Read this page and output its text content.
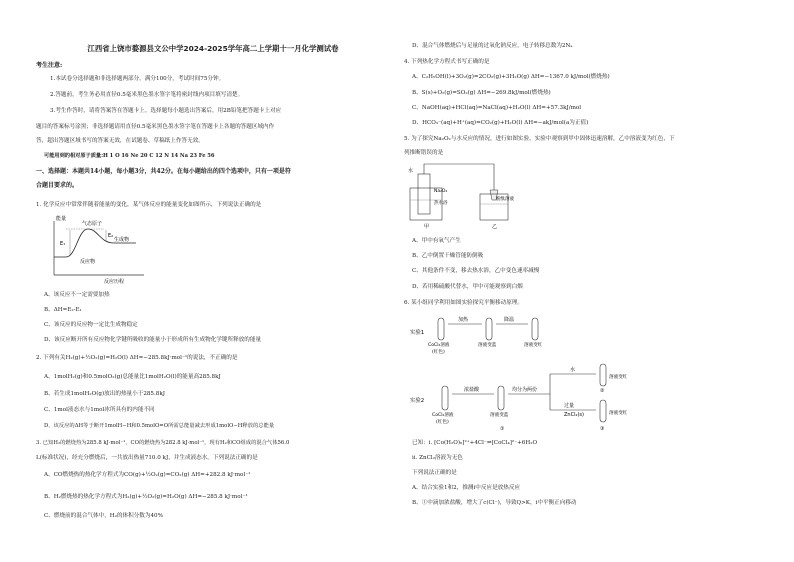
江西省上饶市婺源县文公中学2024-2025学年高二上学期十一月化学测试卷
考生注意:
1.本试卷分选择题和非选择题两部分。满分100分，考试时间75分钟。
2.答题前，考生务必用直径0.5毫米黑色墨水签字笔将密封线内项目填写清楚。
3.考生作答时，请将答案答在答题卡上。选择题每小题选出答案后，用2B铅笔把答题卡上对应
题目的答案标号涂黑；非选择题请用直径0.5毫米黑色墨水签字笔在答题卡上各题的答题区域内作
答，超出答题区域书写的答案无效，在试题卷、草稿纸上作答无效。
可能用到的相对原子质量:H 1 O 16 Ne 20 C 12 N 14 Na 23 Fe 56
一、选择题：本题共14小题，每小题3分，共42分。在每小题给出的四个选项中，只有一项是符
合题目要求的。
1. 化学反应中常常伴随着能量的变化，某气体反应的能量变化如图所示，下列说法正确的是
能量
气态原子
E₁
E₂
生成物
反应物
反应历程
A、该反应不一定需要加热
B、ΔH=E₂-E₁
C、该反应的反应物一定比生成物稳定
D、该反应断开所有反应物化学键所吸收的能量小于形成所有生成物化学键所释放的能量
2. 下列有关H₂(g)+½O₂(g)=H₂O(l) ΔH=−285.8kJ·mol⁻¹的说法，不正确的是
A、1molH₂(g)和0.5molO₂(g)总能量比1molH₂O(l)的能量高285.8kJ
B、若生成1molH₂O(g)放出的热量小于285.8kJ
C、1mol液态水与1mol冰所具有的内能不同
D、该反应的ΔH等于断开1molH−H和0.5molO=O所需总能量减去形成1molO−H释放的总能量
3. 已知H₂的燃烧热为285.8 kJ·mol⁻¹，CO的燃烧热为282.8 kJ·mol⁻¹，现有H₂和CO组成的混合气体56.0
L(标准状况)，经充分燃烧后，一共放出热量710.0 kJ，并生成液态水。下列说法正确的是
A、CO燃烧热的热化学方程式为CO(g)+½O₂(g)=CO₂(g) ΔH=+282.8 kJ·mol⁻¹
B、H₂燃烧热的热化学方程式为H₂(g)+½O₂(g)=H₂O(g) ΔH=−285.8 kJ·mol⁻¹
C、燃烧前的混合气体中，H₂的体积分数为40%
D、混合气体燃烧后与足量的过氧化钠反应，电子转移总数为2Nₐ
4. 下列热化学方程式书写正确的是
A、C₂H₅OH(l)+3O₂(g)=2CO₂(g)+3H₂O(g) ΔH=−1367.0 kJ/mol(燃烧热)
B、S(s)+O₂(g)=SO₂(g) ΔH=−269.8kJ/mol(燃烧热)
C、NaOH(aq)+HCl(aq)=NaCl(aq)+H₂O(l) ΔH=+57.3kJ/mol
D、HCO₃⁻(aq)+H⁺(aq)=CO₂(g)+H₂O(l) ΔH=−akJ/mol(a为正值)
5. 为了探究Na₂O₂与水反应的情况，进行如图实验，实验中观察到甲中固体迅速溶解，乙中溶液变为红色，下
列推断错误的是
水
Na₂O₂
热水浴
酚酞溶液
甲	乙
A、甲中有氧气产生
B、乙中倒置干燥管能防倒吸
C、其他条件不变，移去热水浴，乙中变色速率减慢
D、若用稀硫酸代替水，甲中可能观察到白烟
6. 某小组同学利用如图实验探究平衡移动原理。
实验1
加热	降温
CoCl₂溶液
(红色)
溶液变蓝	溶液变红
实验2
浓盐酸	均分为两份
水
过量
ZnCl₂(s)
CoCl₂溶液
(红色)
溶液变蓝
溶液变红
溶液变红
①
②
③
已知：i. [Co(H₂O)₆]²⁺+4Cl⁻⇌[CoCl₄]²⁻+6H₂O
ii. ZnCl₂溶液为无色
下列说法正确的是
A、结合实验1和2，推测i中反应是放热反应
B、①中滴加浓盐酸，增大了c(Cl⁻)，导致Q>K，i中平衡正向移动
